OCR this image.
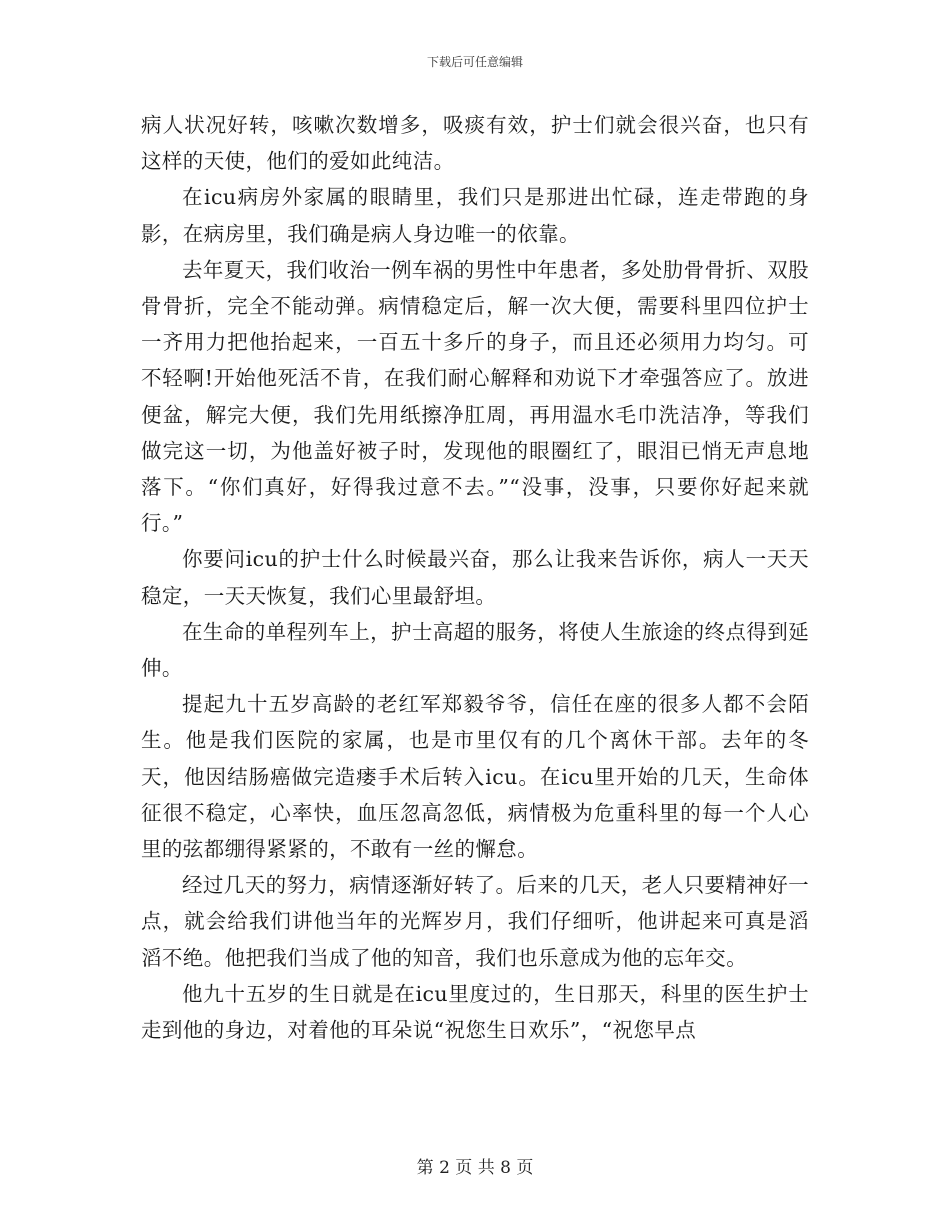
下载后可任意编辑

病人状况好转，咳嗽次数增多，吸痰有效，护士们就会很兴奋，也只有这样的天使，他们的爱如此纯洁。

在icu病房外家属的眼睛里，我们只是那进出忙碌，连走带跑的身影，在病房里，我们确是病人身边唯一的依靠。

去年夏天，我们收治一例车祸的男性中年患者，多处肋骨骨折、双股骨骨折，完全不能动弹。病情稳定后，解一次大便，需要科里四位护士一齐用力把他抬起来，一百五十多斤的身子，而且还必须用力均匀。可不轻啊!开始他死活不肯，在我们耐心解释和劝说下才牵强答应了。放进便盆，解完大便，我们先用纸擦净肛周，再用温水毛巾洗洁净，等我们做完这一切，为他盖好被子时，发现他的眼圈红了，眼泪已悄无声息地落下。“你们真好，好得我过意不去。”“没事，没事，只要你好起来就行。”

你要问icu的护士什么时候最兴奋，那么让我来告诉你，病人一天天稳定，一天天恢复，我们心里最舒坦。

在生命的单程列车上，护士高超的服务，将使人生旅途的终点得到延伸。

提起九十五岁高龄的老红军郑毅爷爷，信任在座的很多人都不会陌生。他是我们医院的家属，也是市里仅有的几个离休干部。去年的冬天，他因结肠癌做完造瘘手术后转入icu。在icu里开始的几天，生命体征很不稳定，心率快，血压忽高忽低，病情极为危重科里的每一个人心里的弦都绷得紧紧的，不敢有一丝的懈怠。

经过几天的努力，病情逐渐好转了。后来的几天，老人只要精神好一点，就会给我们讲他当年的光辉岁月，我们仔细听，他讲起来可真是滔滔不绝。他把我们当成了他的知音，我们也乐意成为他的忘年交。

他九十五岁的生日就是在icu里度过的，生日那天，科里的医生护士走到他的身边，对着他的耳朵说“祝您生日欢乐”，“祝您早点

第 2 页 共 8 页
